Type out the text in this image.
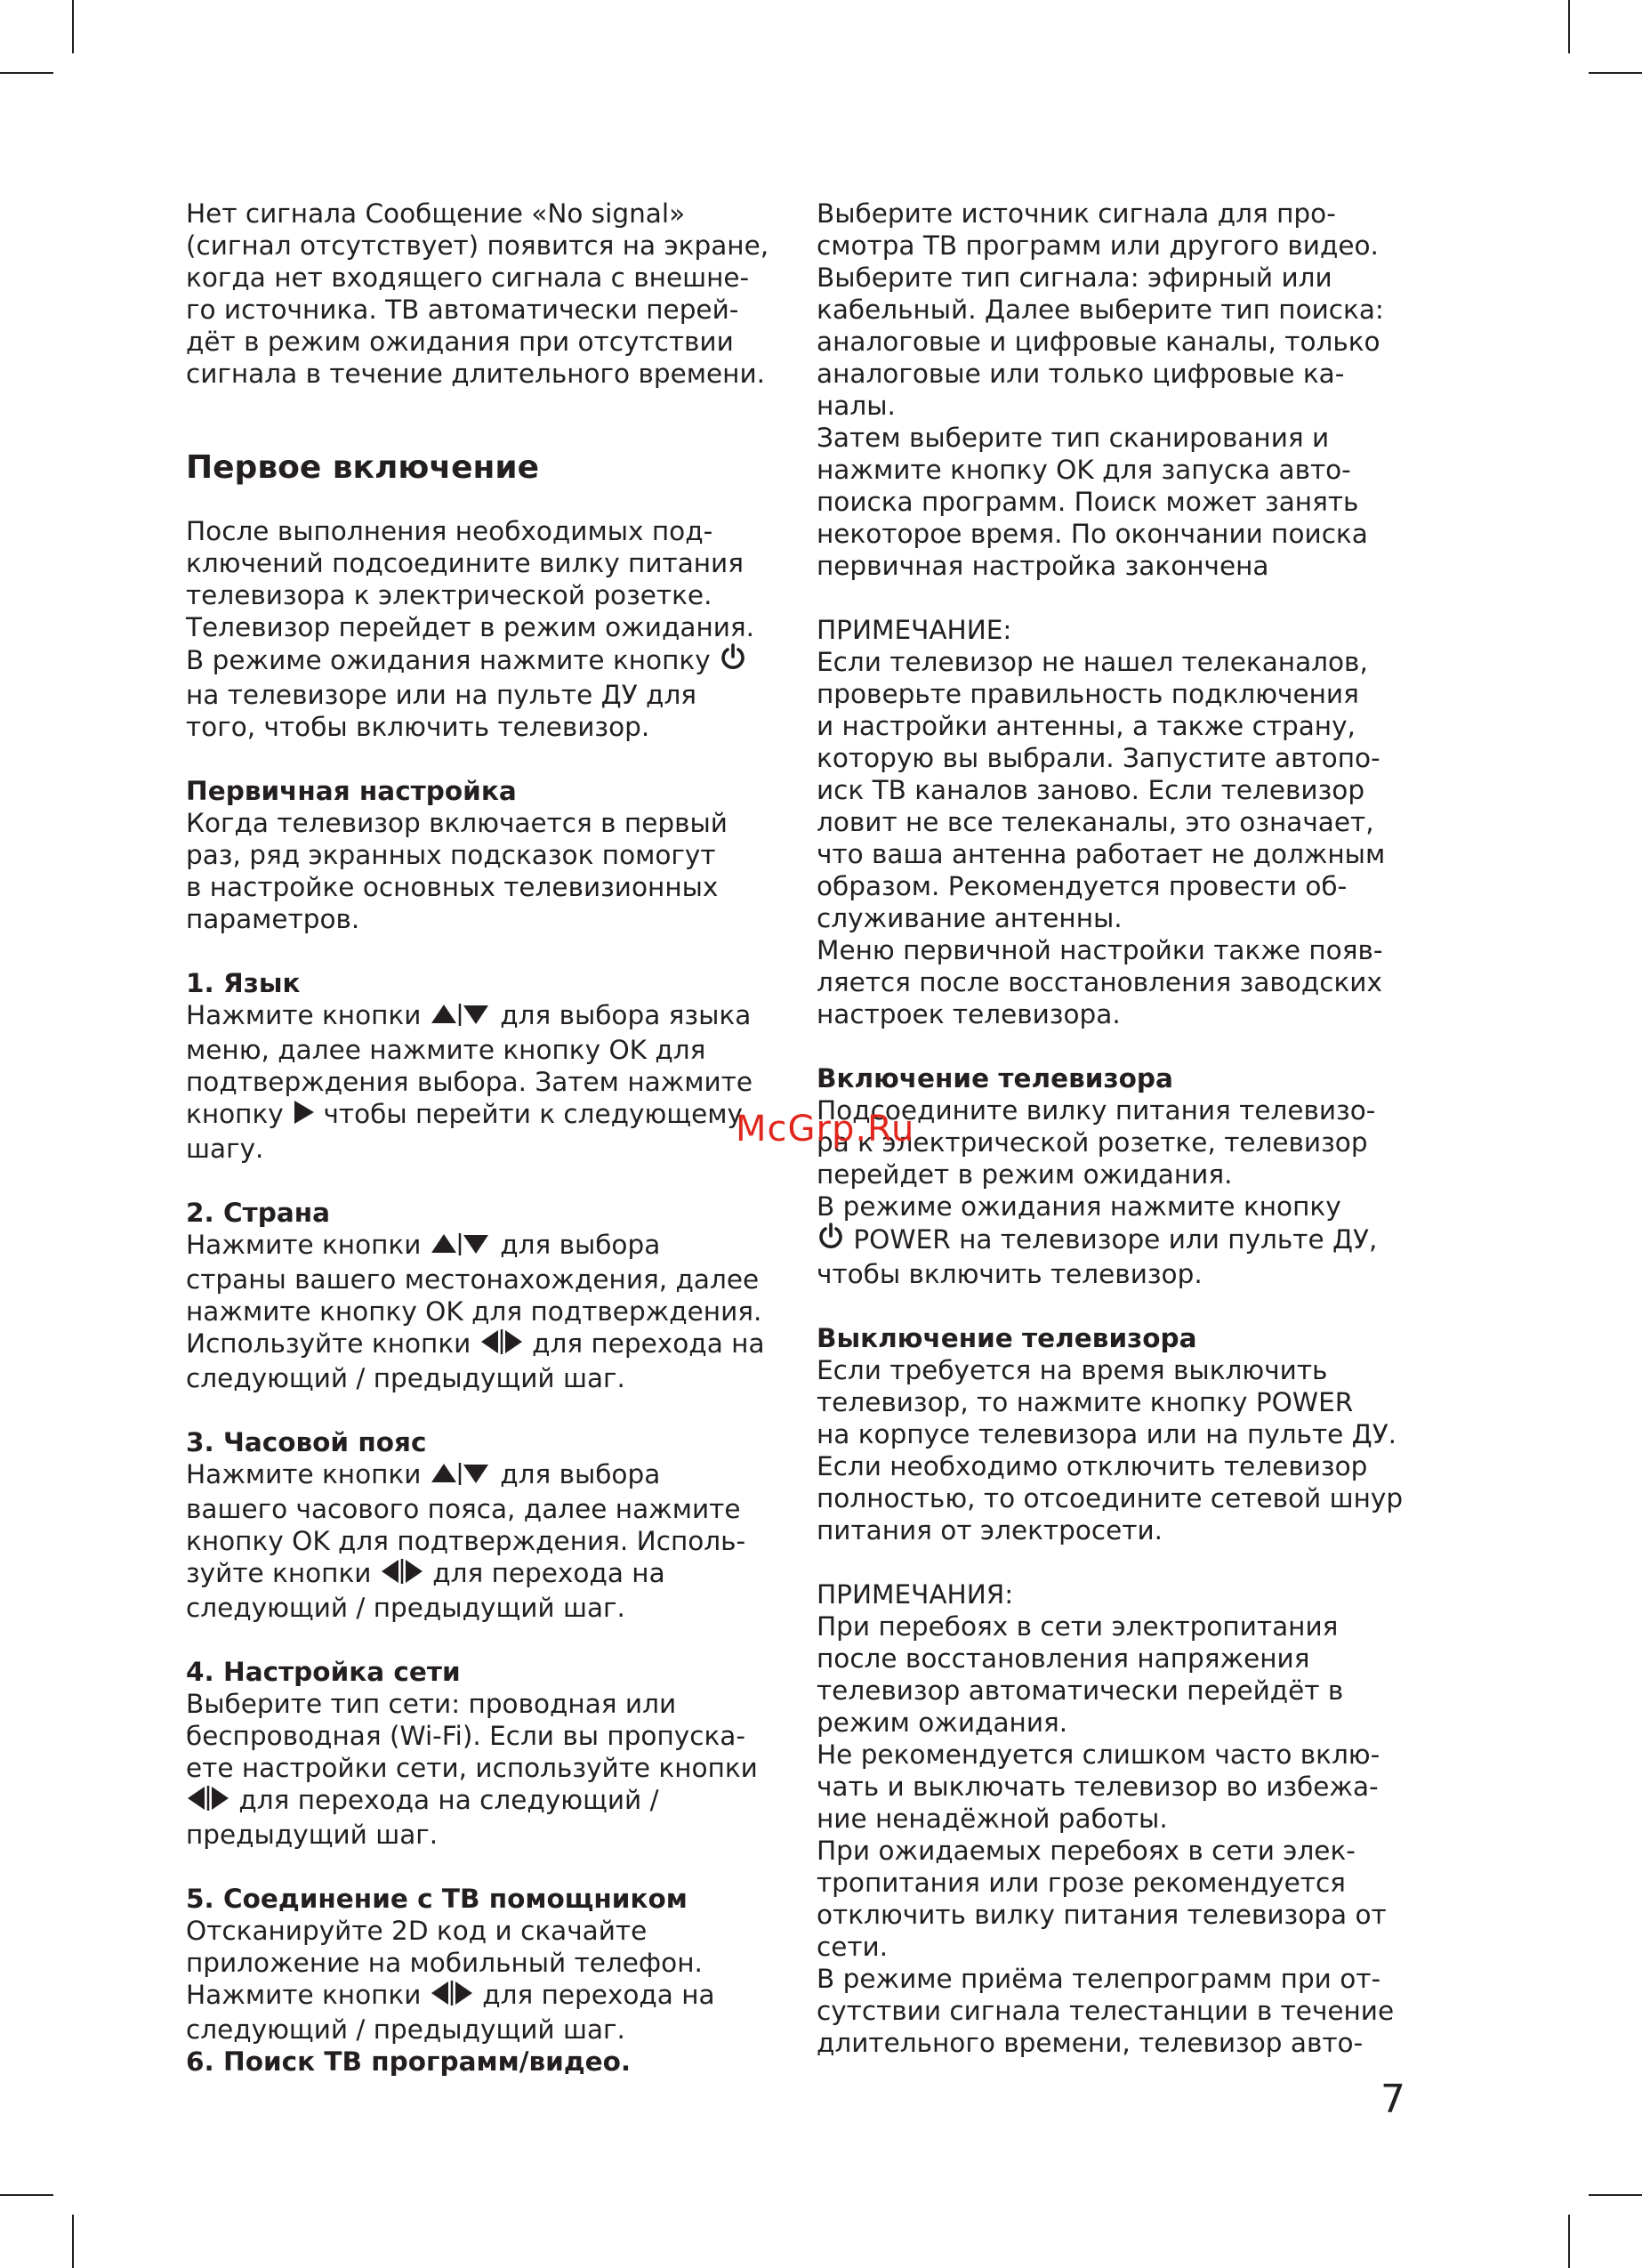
Нет сигнала Сообщение «No signal»
(сигнал отсутствует) появится на экране,
когда нет входящего сигнала с внешне-
го источника. ТВ автоматически перей-
дёт в режим ожидания при отсутствии
сигнала в течение длительного времени.

Первое включение

После выполнения необходимых под-
ключений подсоедините вилку питания
телевизора к электрической розетке.
Телевизор перейдет в режим ожидания.
В режиме ожидания нажмите кнопку
на телевизоре или на пульте ДУ для
того, чтобы включить телевизор.

Первичная настройка

Когда телевизор включается в первый
раз, ряд экранных подсказок помогут
в настройке основных телевизионных
параметров.

1. Язык

Нажмите кнопки	для выбора языка
меню, далее нажмите кнопку OK для
подтверждения выбора. Затем нажмите
кнопку чтобы перейти к следующему
шагу.

2. Страна

Нажмите кнопки	для выбора
страны вашего местонахождения, далее
нажмите кнопку OK для подтверждения.
Используйте кнопки для перехода на
следующий / предыдущий шаг.

3. Часовой пояс

Нажмите кнопки	для выбора
вашего часового пояса, далее нажмите
кнопку OK для подтверждения. Исполь-
зуйте кнопки для перехода на
следующий / предыдущий шаг.

4. Настройка сети

Выберите тип сети: проводная или
беспроводная (Wi-Fi). Если вы пропуска-
ете настройки сети, используйте кнопки
для перехода на следующий /
предыдущий шаг.

5. Соединение с ТВ помощником

Отсканируйте 2D код и скачайте
приложение на мобильный телефон.
Нажмите кнопки для перехода на
следующий / предыдущий шаг.

6. Поиск ТВ программ/видео.

Выберите источник сигнала для про-
смотра ТВ программ или другого видео.
Выберите тип сигнала: эфирный или
кабельный. Далее выберите тип поиска:
аналоговые и цифровые каналы, только
аналоговые или только цифровые ка-
налы.
Затем выберите тип сканирования и
нажмите кнопку OK для запуска авто-
поиска программ. Поиск может занять
некоторое время. По окончании поиска
первичная настройка закончена

ПРИМЕЧАНИЕ:

Если телевизор не нашел телеканалов,
проверьте правильность подключения
и настройки антенны, а также страну,
которую вы выбрали. Запустите автопо-
иск ТВ каналов заново. Если телевизор
ловит не все телеканалы, это означает,
что ваша антенна работает не должным
образом. Рекомендуется провести об-
служивание антенны.
Меню первичной настройки также появ-
ляется после восстановления заводских
настроек телевизора.

Включение телевизора

Подсоедините вилку питания телевизо-
ра к электрической розетке, телевизор
перейдет в режим ожидания.
В режиме ожидания нажмите кнопку
POWER на телевизоре или пульте ДУ,
чтобы включить телевизор.

Выключение телевизора

Если требуется на время выключить
телевизор, то нажмите кнопку POWER
на корпусе телевизора или на пульте ДУ.
Если необходимо отключить телевизор
полностью, то отсоедините сетевой шнур
питания от электросети.

ПРИМЕЧАНИЯ:

При перебоях в сети электропитания
после восстановления напряжения
телевизор автоматически перейдёт в
режим ожидания.
Не рекомендуется слишком часто вклю-
чать и выключать телевизор во избежа-
ние ненадёжной работы.
При ожидаемых перебоях в сети элек-
тропитания или грозе рекомендуется
отключить вилку питания телевизора от
сети.
В режиме приёма телепрограмм при от-
сутствии сигнала телестанции в течение
длительного времени, телевизор авто-

McGrp.Ru
7
